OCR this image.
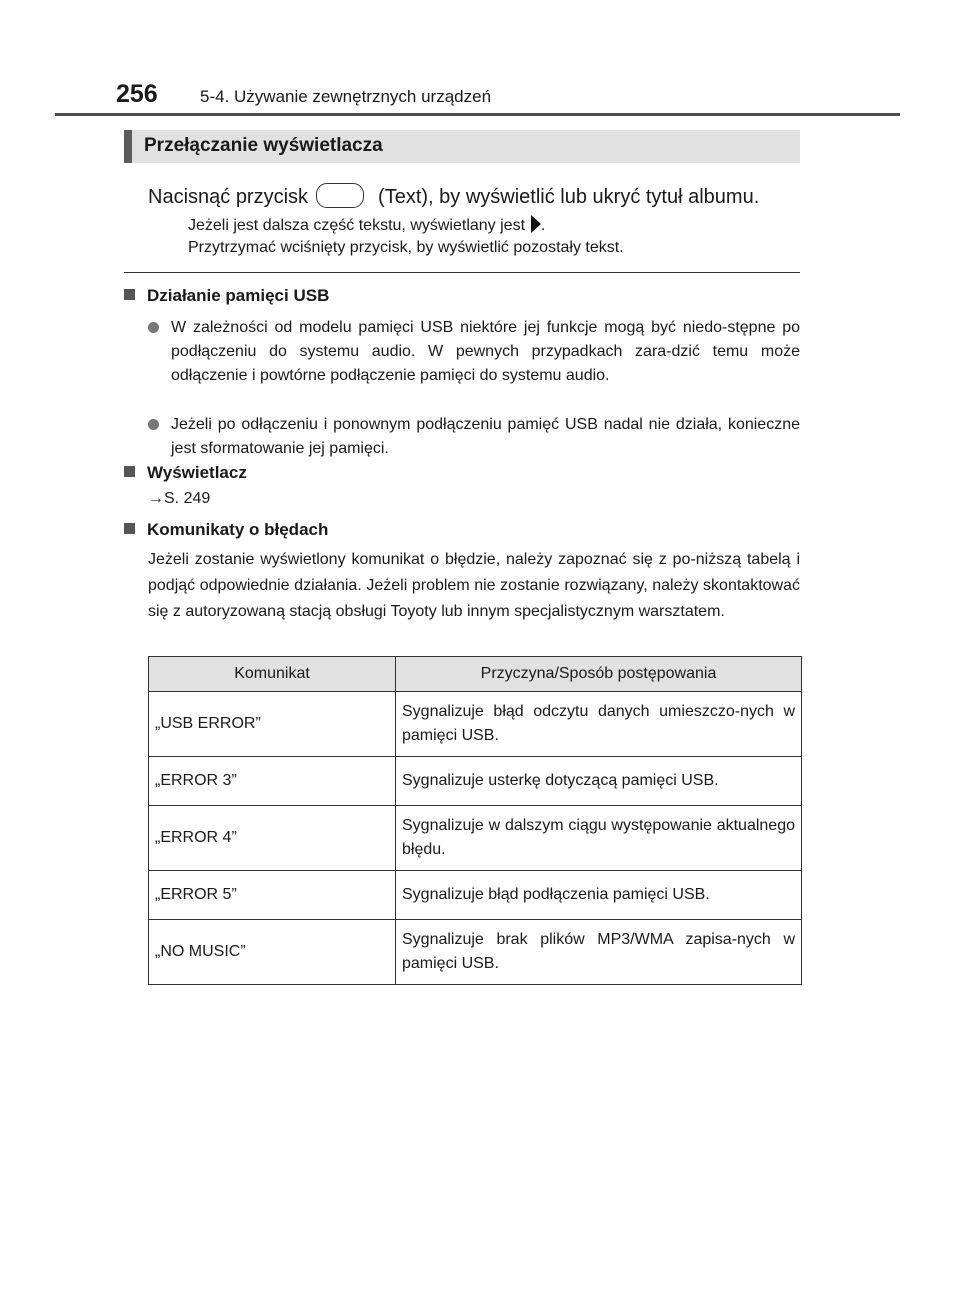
256 5-4. Używanie zewnętrznych urządzeń
Przełączanie wyświetlacza
Nacisnąć przycisk	(Text), by wyświetlić lub ukryć tytuł albumu.
Jeżeli jest dalsza część tekstu, wyświetlany jest .
Przytrzymać wciśnięty przycisk, by wyświetlić pozostały tekst.
Działanie pamięci USB

W zależności od modelu pamięci USB niektóre jej funkcje mogą być niedo-stępne po podłączeniu do systemu audio. W pewnych przypadkach zara-dzić temu może odłączenie i powtórne podłączenie pamięci do systemu audio.

Jeżeli po odłączeniu i ponownym podłączeniu pamięć USB nadal nie działa, konieczne jest sformatowanie jej pamięci.

Wyświetlacz
→S. 249
Komunikaty o błędach

Jeżeli zostanie wyświetlony komunikat o błędzie, należy zapoznać się z po-niższą tabelą i podjąć odpowiednie działania. Jeżeli problem nie zostanie rozwiązany, należy skontaktować się z autoryzowaną stacją obsługi Toyoty lub innym specjalistycznym warsztatem.

Komunikat	Przyczyna/Sposób postępowania
„USB ERROR”	Sygnalizuje błąd odczytu danych umieszczo-nych w pamięci USB.
„ERROR 3”	Sygnalizuje usterkę dotyczącą pamięci USB.
„ERROR 4”	Sygnalizuje w dalszym ciągu występowanie aktualnego błędu.
„ERROR 5”	Sygnalizuje błąd podłączenia pamięci USB.
„NO MUSIC”	Sygnalizuje brak plików MP3/WMA zapisa-nych w pamięci USB.
